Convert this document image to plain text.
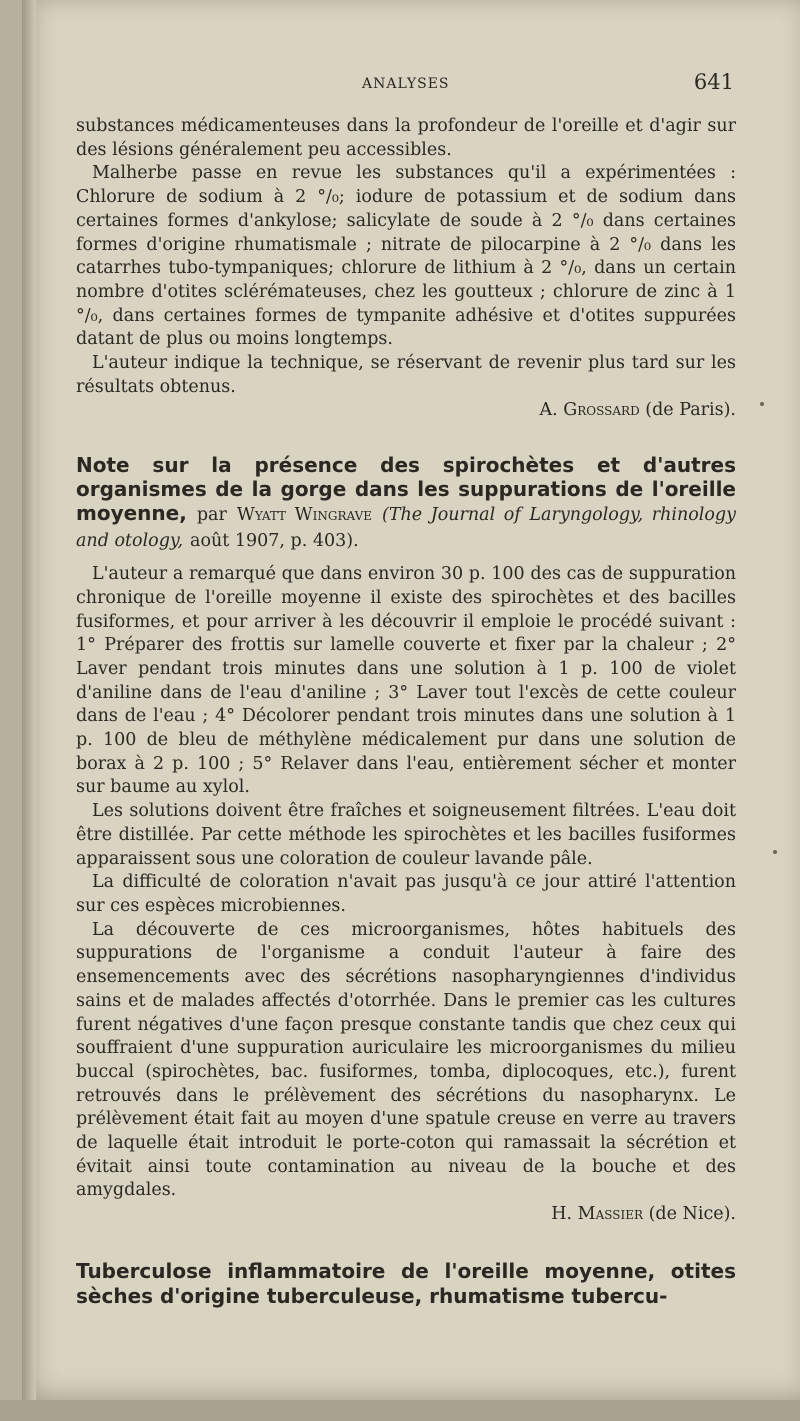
ANALYSES	641

substances médicamenteuses dans la profondeur de l'oreille et d'agir sur des lésions généralement peu accessibles.

Malherbe passe en revue les substances qu'il a expérimentées : Chlorure de sodium à 2 °/₀; iodure de potassium et de sodium dans certaines formes d'ankylose; salicylate de soude à 2 °/₀ dans certaines formes d'origine rhumatismale ; nitrate de pilocarpine à 2 °/₀ dans les catarrhes tubo-tympaniques; chlorure de lithium à 2 °/₀, dans un certain nombre d'otites sclérémateuses, chez les goutteux ; chlorure de zinc à 1 °/₀, dans certaines formes de tympanite adhésive et d'otites suppurées datant de plus ou moins longtemps.

L'auteur indique la technique, se réservant de revenir plus tard sur les résultats obtenus.

A. Grossard (de Paris).

Note sur la présence des spirochètes et d'autres organismes de la gorge dans les suppurations de l'oreille moyenne, par Wyatt Wingrave (The Journal of Laryngology, rhinology and otology, août 1907, p. 403).

L'auteur a remarqué que dans environ 30 p. 100 des cas de suppuration chronique de l'oreille moyenne il existe des spirochètes et des bacilles fusiformes, et pour arriver à les découvrir il emploie le procédé suivant : 1° Préparer des frottis sur lamelle couverte et fixer par la chaleur ; 2° Laver pendant trois minutes dans une solution à 1 p. 100 de violet d'aniline dans de l'eau d'aniline ; 3° Laver tout l'excès de cette couleur dans de l'eau ; 4° Décolorer pendant trois minutes dans une solution à 1 p. 100 de bleu de méthylène médicalement pur dans une solution de borax à 2 p. 100 ; 5° Relaver dans l'eau, entièrement sécher et monter sur baume au xylol.

Les solutions doivent être fraîches et soigneusement filtrées. L'eau doit être distillée. Par cette méthode les spirochètes et les bacilles fusiformes apparaissent sous une coloration de couleur lavande pâle.

La difficulté de coloration n'avait pas jusqu'à ce jour attiré l'attention sur ces espèces microbiennes.

La découverte de ces microorganismes, hôtes habituels des suppurations de l'organisme a conduit l'auteur à faire des ensemencements avec des sécrétions nasopharyngiennes d'individus sains et de malades affectés d'otorrhée. Dans le premier cas les cultures furent négatives d'une façon presque constante tandis que chez ceux qui souffraient d'une suppuration auriculaire les microorganismes du milieu buccal (spirochètes, bac. fusiformes, tomba, diplocoques, etc.), furent retrouvés dans le prélèvement des sécrétions du nasopharynx. Le prélèvement était fait au moyen d'une spatule creuse en verre au travers de laquelle était introduit le porte-coton qui ramassait la sécrétion et évitait ainsi toute contamination au niveau de la bouche et des amygdales.

H. Massier (de Nice).

Tuberculose inflammatoire de l'oreille moyenne, otites sèches d'origine tuberculeuse, rhumatisme tubercu-
